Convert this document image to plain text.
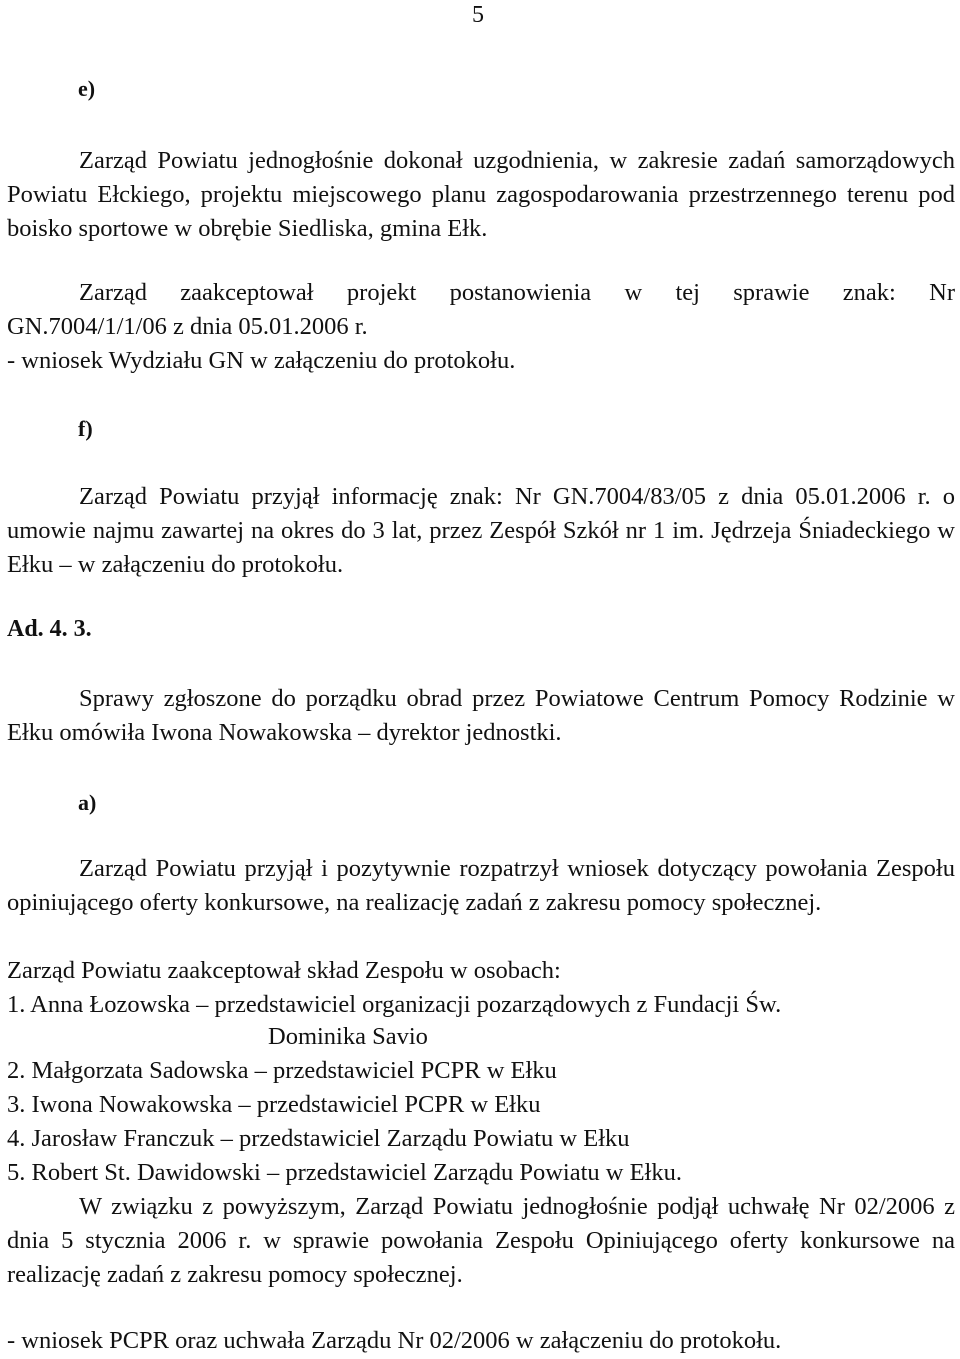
5
e)

Zarząd Powiatu jednogłośnie dokonał uzgodnienia, w zakresie zadań samorządowych Powiatu Ełckiego, projektu miejscowego planu zagospodarowania przestrzennego terenu pod boisko sportowe w obrębie Siedliska, gmina Ełk.

Zarząd zaakceptował projekt postanowienia w tej sprawie znak: Nr
GN.7004/1/1/06 z dnia 05.01.2006 r.
- wniosek Wydziału GN w załączeniu do protokołu.
f)

Zarząd Powiatu przyjął informację znak: Nr GN.7004/83/05 z dnia 05.01.2006 r. o umowie najmu zawartej na okres do 3 lat, przez Zespół Szkół nr 1 im. Jędrzeja Śniadeckiego w Ełku – w załączeniu do protokołu.

Ad. 4. 3.

Sprawy zgłoszone do porządku obrad przez Powiatowe Centrum Pomocy Rodzinie w Ełku omówiła Iwona Nowakowska – dyrektor jednostki.

a)

Zarząd Powiatu przyjął i pozytywnie rozpatrzył wniosek dotyczący powołania Zespołu opiniującego oferty konkursowe, na realizację zadań z zakresu pomocy społecznej.

Zarząd Powiatu zaakceptował skład Zespołu w osobach:
1. Anna Łozowska – przedstawiciel organizacji pozarządowych z Fundacji Św.
Dominika Savio
2. Małgorzata Sadowska – przedstawiciel PCPR w Ełku
3. Iwona Nowakowska – przedstawiciel PCPR w Ełku
4. Jarosław Franczuk – przedstawiciel Zarządu Powiatu w Ełku
5. Robert St. Dawidowski – przedstawiciel Zarządu Powiatu w Ełku.

W związku z powyższym, Zarząd Powiatu jednogłośnie podjął uchwałę Nr 02/2006 z dnia 5 stycznia 2006 r. w sprawie powołania Zespołu Opiniującego oferty konkursowe na realizację zadań z zakresu pomocy społecznej.

- wniosek PCPR oraz uchwała Zarządu Nr 02/2006 w załączeniu do protokołu.
